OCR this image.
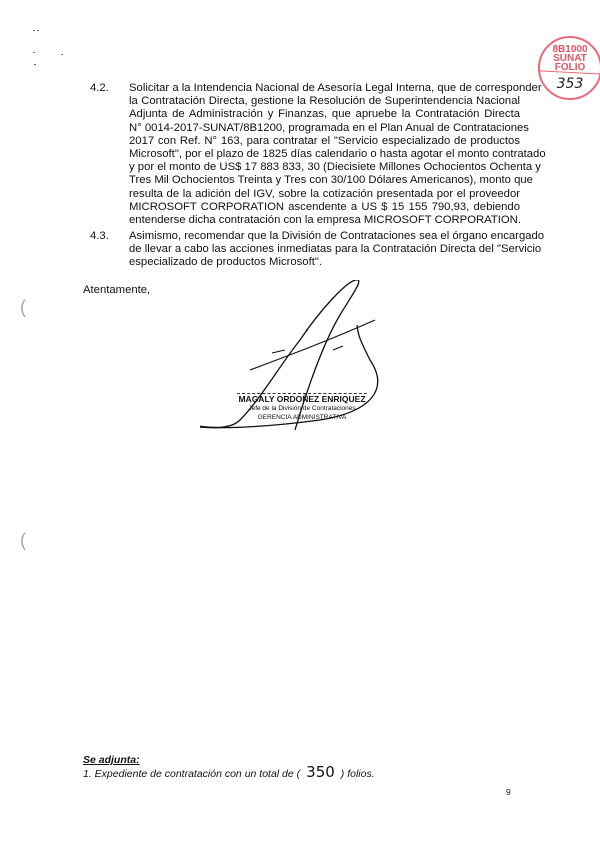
(
(
8B1000
SUNAT
FOLIO
353
4.2. Solicitar a la Intendencia Nacional de Asesoría Legal Interna, que de corresponder
la Contratación Directa, gestione la Resolución de Superintendencia Nacional
Adjunta de Administración y Finanzas, que apruebe la Contratación Directa
N° 0014-2017-SUNAT/8B1200, programada en el Plan Anual de Contrataciones
2017 con Ref. N° 163, para contratar el "Servicio especializado de productos
Microsoft", por el plazo de 1825 días calendario o hasta agotar el monto contratado
y por el monto de US$ 17 883 833, 30 (Diecisiete Millones Ochocientos Ochenta y
Tres Mil Ochocientos Treinta y Tres con 30/100 Dólares Americanos), monto que
resulta de la adición del IGV, sobre la cotización presentada por el proveedor
MICROSOFT CORPORATION ascendente a US $ 15 155 790,93, debiendo
entenderse dicha contratación con la empresa MICROSOFT CORPORATION.
4.3. Asimismo, recomendar que la División de Contrataciones sea el órgano encargado
de llevar a cabo las acciones inmediatas para la Contratación Directa del "Servicio
especializado de productos Microsoft".
Atentamente,
MAGALY ORDOÑEZ ENRIQUEZ
Jefe de la División de Contrataciones
GERENCIA ADMINISTRATIVA
Se adjunta:
1. Expediente de contratación con un total de ( 350 ) folios.
9
